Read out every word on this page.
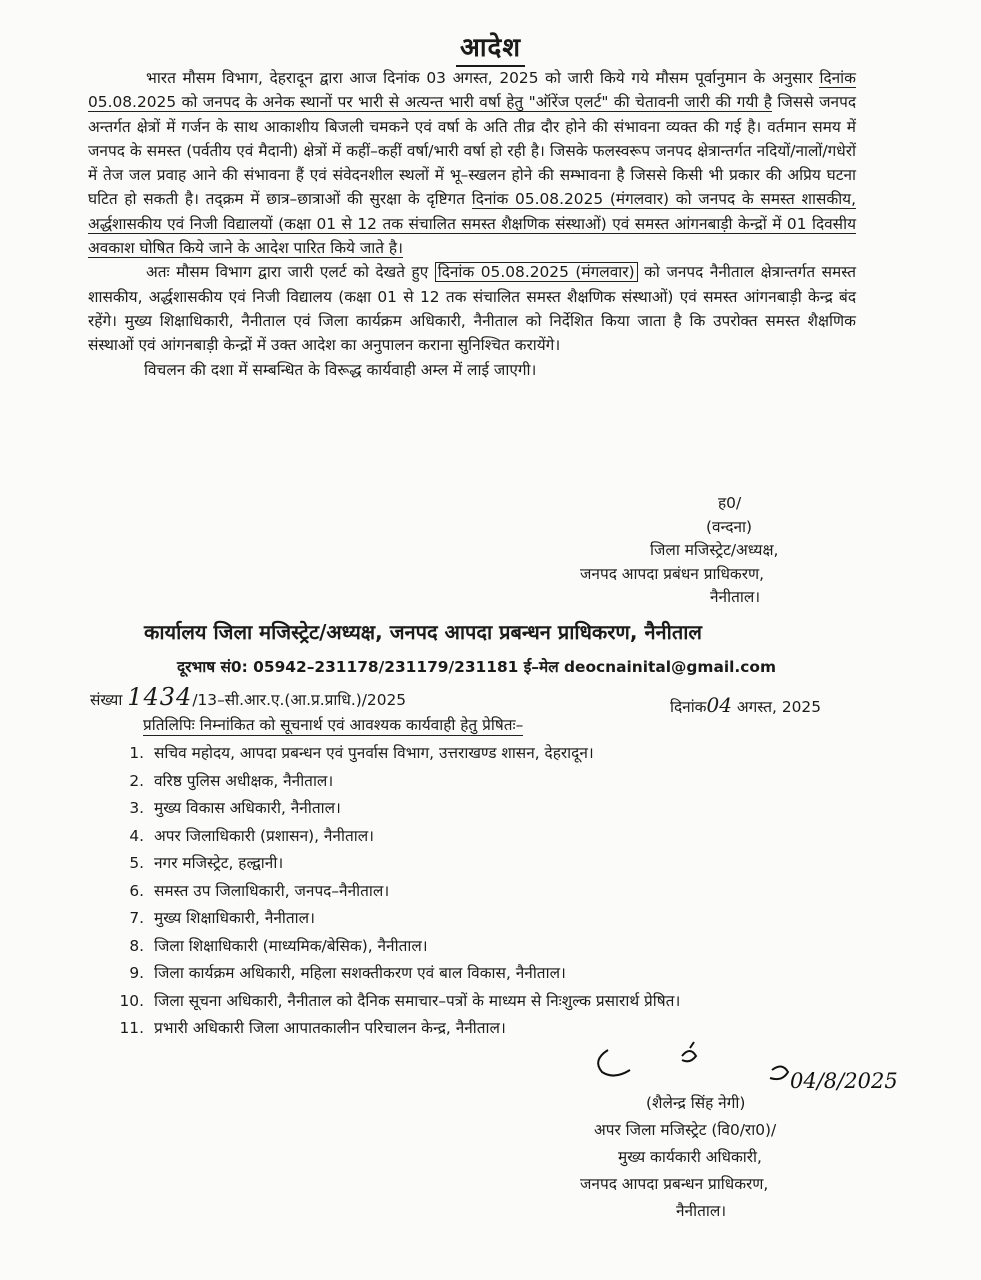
आदेश

भारत मौसम विभाग, देहरादून द्वारा आज दिनांक 03 अगस्त, 2025 को जारी किये गये मौसम पूर्वानुमान के अनुसार दिनांक 05.08.2025 को जनपद के अनेक स्थानों पर भारी से अत्यन्त भारी वर्षा हेतु "ऑरेंज एलर्ट" की चेतावनी जारी की गयी है जिससे जनपद अन्तर्गत क्षेत्रों में गर्जन के साथ आकाशीय बिजली चमकने एवं वर्षा के अति तीव्र दौर होने की संभावना व्यक्त की गई है। वर्तमान समय में जनपद के समस्त (पर्वतीय एवं मैदानी) क्षेत्रों में कहीं–कहीं वर्षा/भारी वर्षा हो रही है। जिसके फलस्वरूप जनपद क्षेत्रान्तर्गत नदियों/नालों/गधेरों में तेज जल प्रवाह आने की संभावना हैं एवं संवेदनशील स्थलों में भू–स्खलन होने की सम्भावना है जिससे किसी भी प्रकार की अप्रिय घटना घटित हो सकती है। तद्क्रम में छात्र–छात्राओं की सुरक्षा के दृष्टिगत दिनांक 05.08.2025 (मंगलवार) को जनपद के समस्त शासकीय, अर्द्धशासकीय एवं निजी विद्यालयों (कक्षा 01 से 12 तक संचालित समस्त शैक्षणिक संस्थाओं) एवं समस्त आंगनबाड़ी केन्द्रों में 01 दिवसीय अवकाश घोषित किये जाने के आदेश पारित किये जाते है।

अतः मौसम विभाग द्वारा जारी एलर्ट को देखते हुए दिनांक 05.08.2025 (मंगलवार) को जनपद नैनीताल क्षेत्रान्तर्गत समस्त शासकीय, अर्द्धशासकीय एवं निजी विद्यालय (कक्षा 01 से 12 तक संचालित समस्त शैक्षणिक संस्थाओं) एवं समस्त आंगनबाड़ी केन्द्र बंद रहेंगे। मुख्य शिक्षाधिकारी, नैनीताल एवं जिला कार्यक्रम अधिकारी, नैनीताल को निर्देशित किया जाता है कि उपरोक्त समस्त शैक्षणिक संस्थाओं एवं आंगनबाड़ी केन्द्रों में उक्त आदेश का अनुपालन कराना सुनिश्चित करायेंगे।

विचलन की दशा में सम्बन्धित के विरूद्ध कार्यवाही अम्ल में लाई जाएगी।

ह0/
(वन्दना)
जिला मजिस्ट्रेट/अध्यक्ष,
जनपद आपदा प्रबंधन प्राधिकरण,
नैनीताल।
कार्यालय जिला मजिस्ट्रेट/अध्यक्ष, जनपद आपदा प्रबन्धन प्राधिकरण, नैनीताल
दूरभाष सं0: 05942–231178/231179/231181 ई–मेल deocnainital@gmail.com
संख्या 1434/13–सी.आर.ए.(आ.प्र.प्राधि.)/2025	दिनांक04 अगस्त, 2025
प्रतिलिपिः निम्नांकित को सूचनार्थ एवं आवश्यक कार्यवाही हेतु प्रेषितः–
1. सचिव महोदय, आपदा प्रबन्धन एवं पुनर्वास विभाग, उत्तराखण्ड शासन, देहरादून।
2. वरिष्ठ पुलिस अधीक्षक, नैनीताल।
3. मुख्य विकास अधिकारी, नैनीताल।
4. अपर जिलाधिकारी (प्रशासन), नैनीताल।
5. नगर मजिस्ट्रेट, हल्द्वानी।
6. समस्त उप जिलाधिकारी, जनपद–नैनीताल।
7. मुख्य शिक्षाधिकारी, नैनीताल।
8. जिला शिक्षाधिकारी (माध्यमिक/बेसिक), नैनीताल।
9. जिला कार्यक्रम अधिकारी, महिला सशक्तीकरण एवं बाल विकास, नैनीताल।
10. जिला सूचना अधिकारी, नैनीताल को दैनिक समाचार–पत्रों के माध्यम से निःशुल्क प्रसारार्थ प्रेषित।
11. प्रभारी अधिकारी जिला आपातकालीन परिचालन केन्द्र, नैनीताल।
04/8/2025
(शैलेन्द्र सिंह नेगी)
अपर जिला मजिस्ट्रेट (वि0/रा0)/
मुख्य कार्यकारी अधिकारी,
जनपद आपदा प्रबन्धन प्राधिकरण,
नैनीताल।
